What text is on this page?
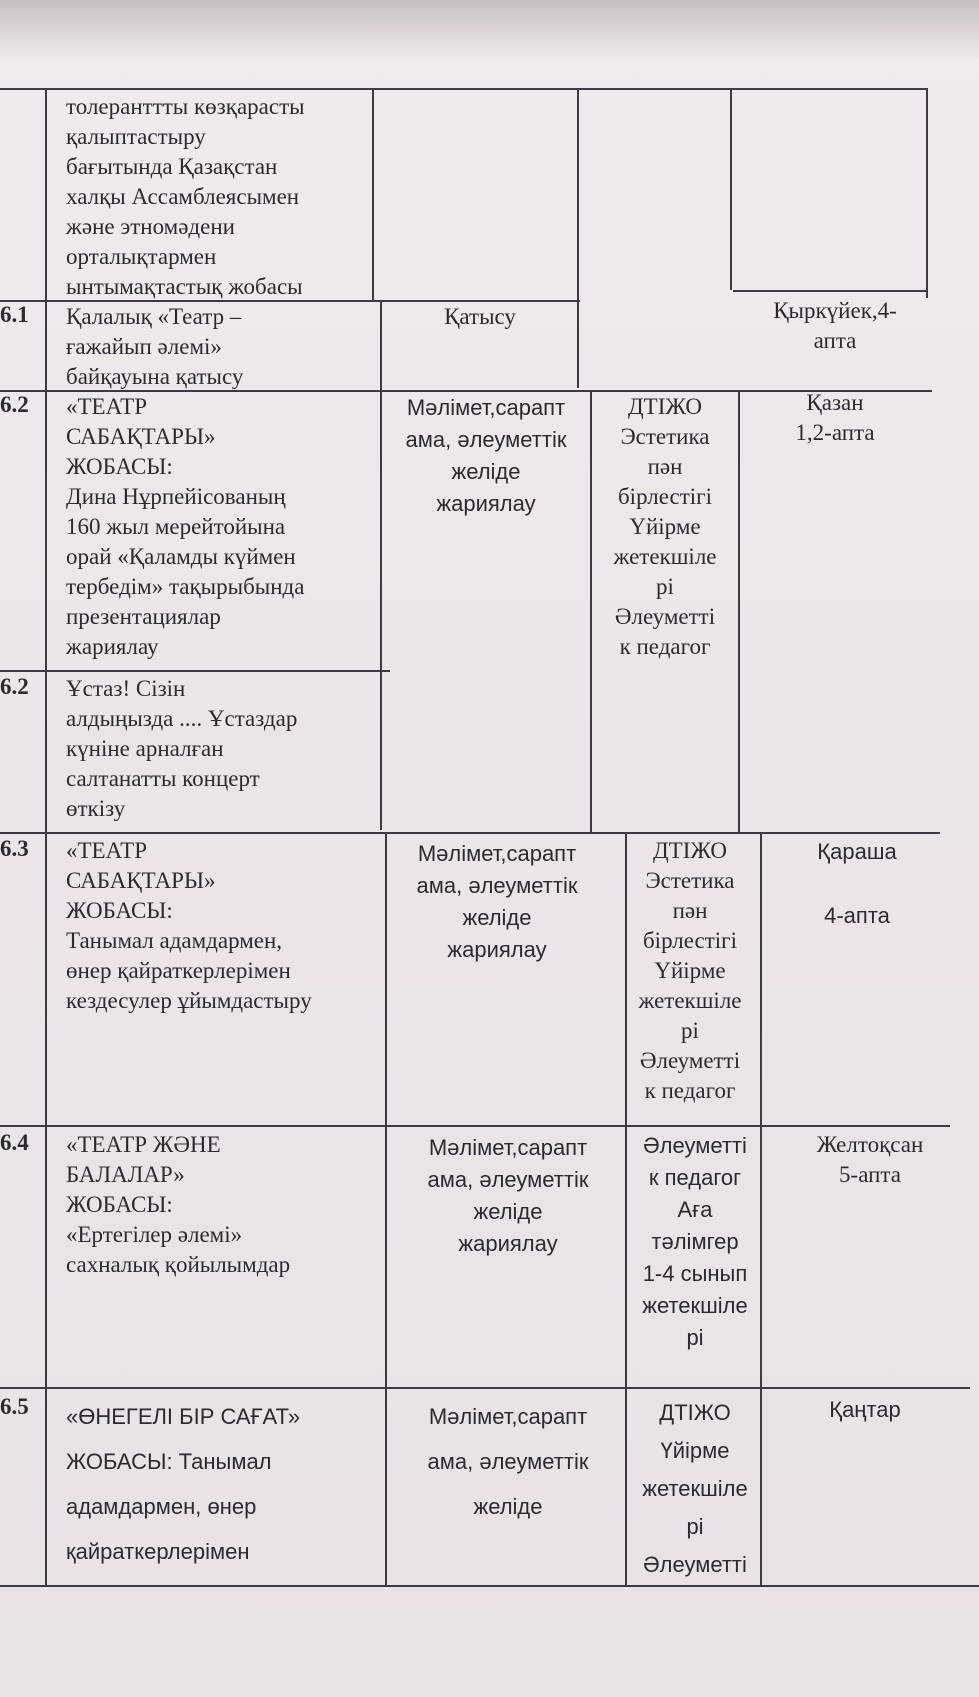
толеранттты көзқарасты
қалыптастыру
бағытында Қазақстан
халқы Ассамблеясымен
және этномәдени
орталықтармен
ынтымақтастық жобасы
6.1 Қалалық «Театр –
ғажайып әлемі»
байқауына қатысу
Қатысу	Қыркүйек,4-
апта
6.2 «ТЕАТР
САБАҚТАРЫ»
ЖОБАСЫ:
Дина Нұрпейісованың
160 жыл мерейтойына
орай «Қаламды күймен
тербедім» тақырыбында
презентациялар
жариялау
Мәлімет,сарапт
ама, әлеуметтік
желіде
жариялау
ДТІЖО
Эстетика
пән
бірлестігі
Үйірме
жетекшіле
рі
Әлеуметті
к педагог
Қазан
1,2-апта
6.2 Ұстаз! Сізін
алдыңызда .... Ұстаздар
күніне арналған
салтанатты концерт
өткізу
6.3 «ТЕАТР
САБАҚТАРЫ»
ЖОБАСЫ:
Танымал адамдармен,
өнер қайраткерлерімен
кездесулер ұйымдастыру
Мәлімет,сарапт
ама, әлеуметтік
желіде
жариялау
ДТІЖО
Эстетика
пән
бірлестігі
Үйірме
жетекшіле
рі
Әлеуметті
к педагог
Қараша

4-апта
6.4 «ТЕАТР ЖӘНЕ
БАЛАЛАР»
ЖОБАСЫ:
«Ертегілер әлемі»
сахналық қойылымдар
Мәлімет,сарапт
ама, әлеуметтік
желіде
жариялау
Әлеуметті
к педагог
Аға
тәлімгер
1-4 сынып
жетекшіле
рі
Желтоқсан
5-апта
6.5 «ӨНЕГЕЛІ БІР САҒАТ»
ЖОБАСЫ: Танымал
адамдармен, өнер
қайраткерлерімен
Мәлімет,сарапт
ама, әлеуметтік
желіде
ДТІЖО
Үйірме
жетекшіле
рі
Әлеуметті
Қаңтар
